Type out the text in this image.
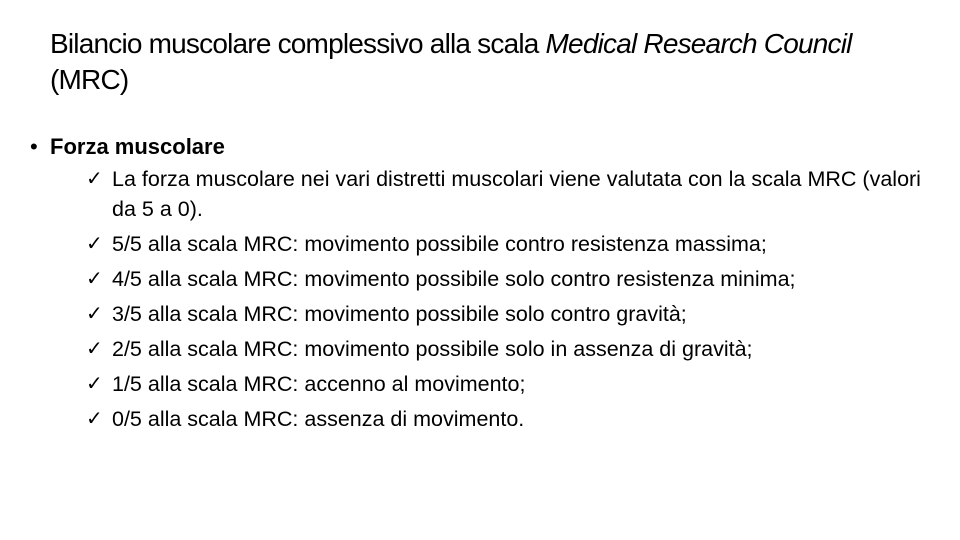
Bilancio muscolare complessivo alla scala Medical Research Council (MRC)
• Forza muscolare
✓ La forza muscolare nei vari distretti muscolari viene valutata con la scala MRC (valori da 5 a 0).
✓ 5/5 alla scala MRC: movimento possibile contro resistenza massima;
✓ 4/5 alla scala MRC: movimento possibile solo contro resistenza minima;
✓ 3/5 alla scala MRC: movimento possibile solo contro gravità;
✓ 2/5 alla scala MRC: movimento possibile solo in assenza di gravità;
✓ 1/5 alla scala MRC: accenno al movimento;
✓ 0/5 alla scala MRC: assenza di movimento.
